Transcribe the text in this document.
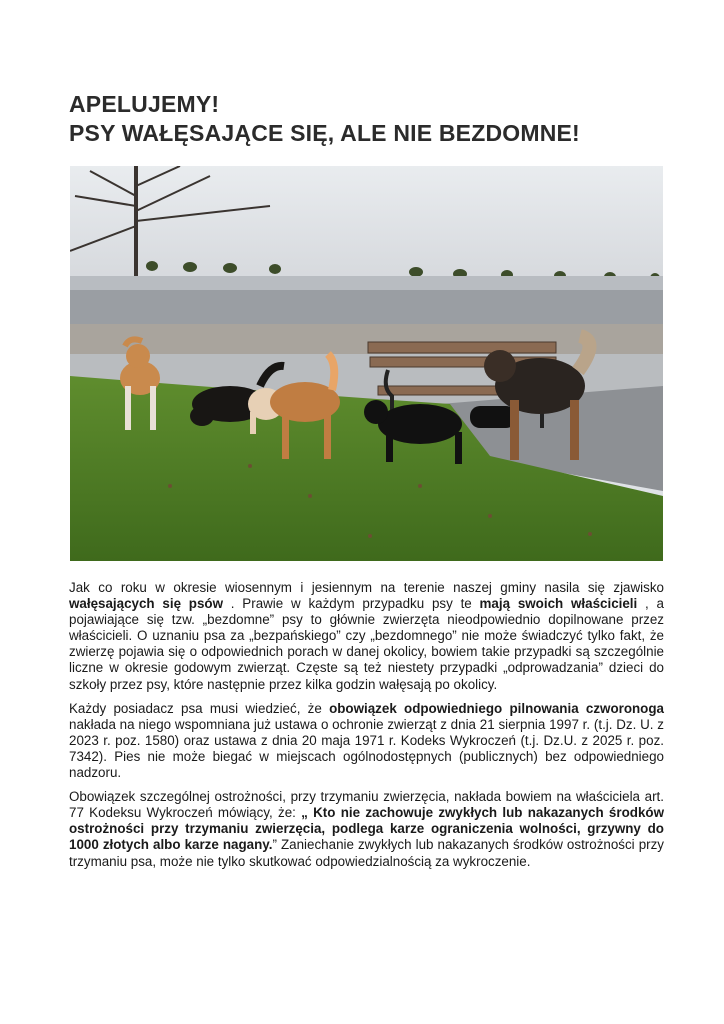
APELUJEMY!
PSY WAŁĘSAJĄCE SIĘ, ALE NIE BEZDOMNE!

Jak co roku w okresie wiosennym i jesiennym na terenie naszej gminy nasila się zjawisko wałęsających się psów . Prawie w każdym przypadku psy te mają swoich właścicieli , a pojawiające się tzw. „bezdomne” psy to głównie zwierzęta nieodpowiednio dopilnowane przez właścicieli. O uznaniu psa za „bezpańskiego” czy „bezdomnego” nie może świadczyć tylko fakt, że zwierzę pojawia się o odpowiednich porach w danej okolicy, bowiem takie przypadki są szczególnie liczne w okresie godowym zwierząt. Częste są też niestety przypadki „odprowadzania” dzieci do szkoły przez psy, które następnie przez kilka godzin wałęsają po okolicy.

Każdy posiadacz psa musi wiedzieć, że obowiązek odpowiedniego pilnowania czworonoga nakłada na niego wspomniana już ustawa o ochronie zwierząt z dnia 21 sierpnia 1997 r. (t.j. Dz. U. z 2023 r. poz. 1580) oraz ustawa z dnia 20 maja 1971 r. Kodeks Wykroczeń (t.j. Dz.U. z 2025 r. poz. 7342). Pies nie może biegać w miejscach ogólnodostępnych (publicznych) bez odpowiedniego nadzoru.

Obowiązek szczególnej ostrożności, przy trzymaniu zwierzęcia, nakłada bowiem na właściciela art. 77 Kodeksu Wykroczeń mówiący, że: „ Kto nie zachowuje zwykłych lub nakazanych środków ostrożności przy trzymaniu zwierzęcia, podlega karze ograniczenia wolności, grzywny do 1000 złotych albo karze nagany.” Zaniechanie zwykłych lub nakazanych środków ostrożności przy trzymaniu psa, może nie tylko skutkować odpowiedzialnością za wykroczenie.
